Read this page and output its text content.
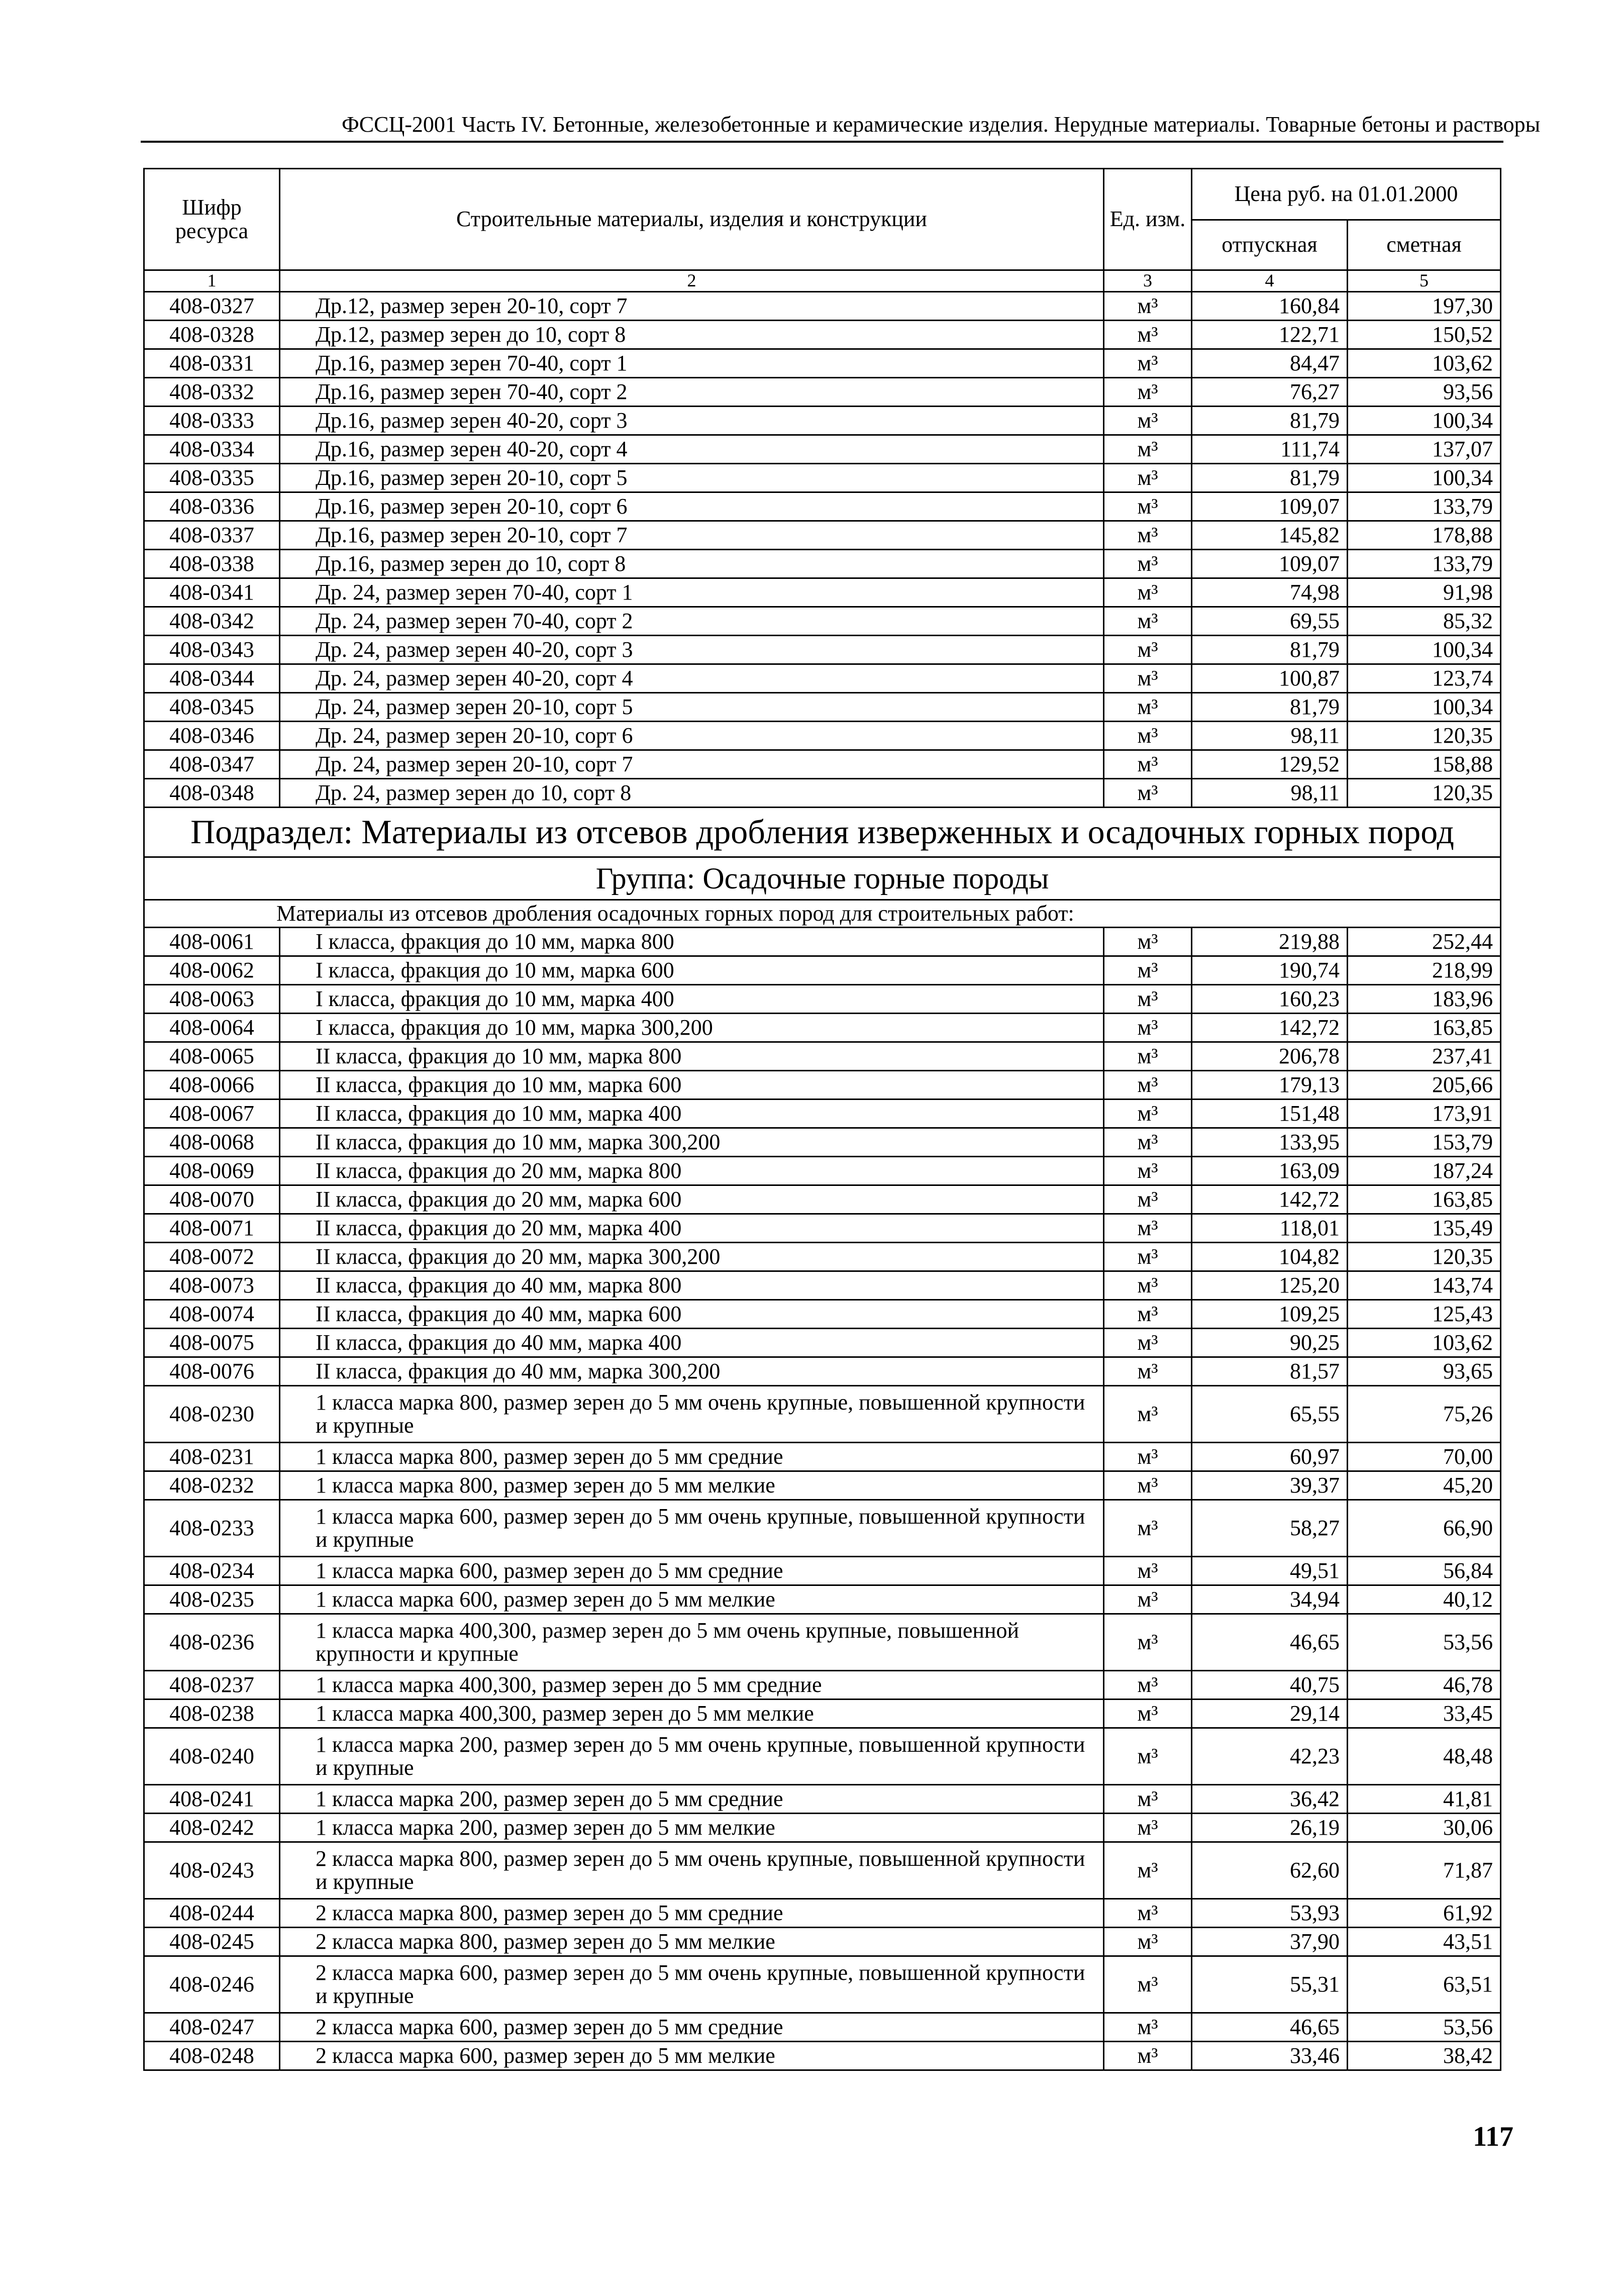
ФССЦ-2001 Часть IV. Бетонные, железобетонные и керамические изделия. Нерудные материалы. Товарные бетоны и растворы
Шифр ресурса	Строительные материалы, изделия и конструкции	Ед. изм.	Цена руб. на 01.01.2000	
			отпускная	сметная
1	2	3	4	5
408-0327	Др.12, размер зерен 20-10, сорт 7	м³	160,84	197,30
408-0328	Др.12, размер зерен до 10, сорт 8	м³	122,71	150,52
408-0331	Др.16, размер зерен 70-40, сорт 1	м³	84,47	103,62
408-0332	Др.16, размер зерен 70-40, сорт 2	м³	76,27	93,56
408-0333	Др.16, размер зерен 40-20, сорт 3	м³	81,79	100,34
408-0334	Др.16, размер зерен 40-20, сорт 4	м³	111,74	137,07
408-0335	Др.16, размер зерен 20-10, сорт 5	м³	81,79	100,34
408-0336	Др.16, размер зерен 20-10, сорт 6	м³	109,07	133,79
408-0337	Др.16, размер зерен 20-10, сорт 7	м³	145,82	178,88
408-0338	Др.16, размер зерен до 10, сорт 8	м³	109,07	133,79
408-0341	Др. 24, размер зерен 70-40, сорт 1	м³	74,98	91,98
408-0342	Др. 24, размер зерен 70-40, сорт 2	м³	69,55	85,32
408-0343	Др. 24, размер зерен 40-20, сорт 3	м³	81,79	100,34
408-0344	Др. 24, размер зерен 40-20, сорт 4	м³	100,87	123,74
408-0345	Др. 24, размер зерен 20-10, сорт 5	м³	81,79	100,34
408-0346	Др. 24, размер зерен 20-10, сорт 6	м³	98,11	120,35
408-0347	Др. 24, размер зерен 20-10, сорт 7	м³	129,52	158,88
408-0348	Др. 24, размер зерен до 10, сорт 8	м³	98,11	120,35
Подраздел: Материалы из отсевов дробления изверженных и осадочных горных пород				
Группа: Осадочные горные породы				
Материалы из отсевов дробления осадочных горных пород для строительных работ:				
408-0061	I класса, фракция до 10 мм, марка 800	м³	219,88	252,44
408-0062	I класса, фракция до 10 мм, марка 600	м³	190,74	218,99
408-0063	I класса, фракция до 10 мм, марка 400	м³	160,23	183,96
408-0064	I класса, фракция до 10 мм, марка 300,200	м³	142,72	163,85
408-0065	II класса, фракция до 10 мм, марка 800	м³	206,78	237,41
408-0066	II класса, фракция до 10 мм, марка 600	м³	179,13	205,66
408-0067	II класса, фракция до 10 мм, марка 400	м³	151,48	173,91
408-0068	II класса, фракция до 10 мм, марка 300,200	м³	133,95	153,79
408-0069	II класса, фракция до 20 мм, марка 800	м³	163,09	187,24
408-0070	II класса, фракция до 20 мм, марка 600	м³	142,72	163,85
408-0071	II класса, фракция до 20 мм, марка 400	м³	118,01	135,49
408-0072	II класса, фракция до 20 мм, марка 300,200	м³	104,82	120,35
408-0073	II класса, фракция до 40 мм, марка 800	м³	125,20	143,74
408-0074	II класса, фракция до 40 мм, марка 600	м³	109,25	125,43
408-0075	II класса, фракция до 40 мм, марка 400	м³	90,25	103,62
408-0076	II класса, фракция до 40 мм, марка 300,200	м³	81,57	93,65
408-0230	1 класса марка 800, размер зерен до 5 мм очень крупные, повышенной крупности и крупные	м³	65,55	75,26
408-0231	1 класса марка 800, размер зерен до 5 мм средние	м³	60,97	70,00
408-0232	1 класса марка 800, размер зерен до 5 мм мелкие	м³	39,37	45,20
408-0233	1 класса марка 600, размер зерен до 5 мм очень крупные, повышенной крупности и крупные	м³	58,27	66,90
408-0234	1 класса марка 600, размер зерен до 5 мм средние	м³	49,51	56,84
408-0235	1 класса марка 600, размер зерен до 5 мм мелкие	м³	34,94	40,12
408-0236	1 класса марка 400,300, размер зерен до 5 мм очень крупные, повышенной крупности и крупные	м³	46,65	53,56
408-0237	1 класса марка 400,300, размер зерен до 5 мм средние	м³	40,75	46,78
408-0238	1 класса марка 400,300, размер зерен до 5 мм мелкие	м³	29,14	33,45
408-0240	1 класса марка 200, размер зерен до 5 мм очень крупные, повышенной крупности и крупные	м³	42,23	48,48
408-0241	1 класса марка 200, размер зерен до 5 мм средние	м³	36,42	41,81
408-0242	1 класса марка 200, размер зерен до 5 мм мелкие	м³	26,19	30,06
408-0243	2 класса марка 800, размер зерен до 5 мм очень крупные, повышенной крупности и крупные	м³	62,60	71,87
408-0244	2 класса марка 800, размер зерен до 5 мм средние	м³	53,93	61,92
408-0245	2 класса марка 800, размер зерен до 5 мм мелкие	м³	37,90	43,51
408-0246	2 класса марка 600, размер зерен до 5 мм очень крупные, повышенной крупности и крупные	м³	55,31	63,51
408-0247	2 класса марка 600, размер зерен до 5 мм средние	м³	46,65	53,56
408-0248	2 класса марка 600, размер зерен до 5 мм мелкие	м³	33,46	38,42
117
